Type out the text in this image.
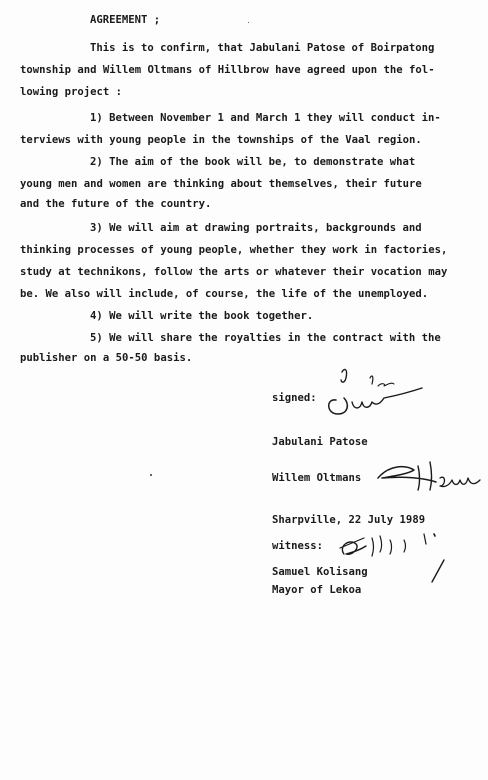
AGREEMENT ;
This is to confirm, that Jabulani Patose of Boirpatong
township and Willem Oltmans of Hillbrow have agreed upon the fol-
lowing project :
1) Between November 1 and March 1 they will conduct in-
terviews with young people in the townships of the Vaal region.
2) The aim of the book will be, to demonstrate what
young men and women are thinking about themselves, their future
and the future of the country.
3) We will aim at drawing portraits, backgrounds and
thinking processes of young people, whether they work in factories,
study at technikons, follow the arts or whatever their vocation may
be. We also will include, of course, the life of the unemployed.
4) We will write the book together.
5) We will share the royalties in the contract with the
publisher on a 50-50 basis.
signed:
Jabulani Patose
Willem Oltmans
Sharpville, 22 July 1989
witness:
Samuel Kolisang
Mayor of Lekoa
